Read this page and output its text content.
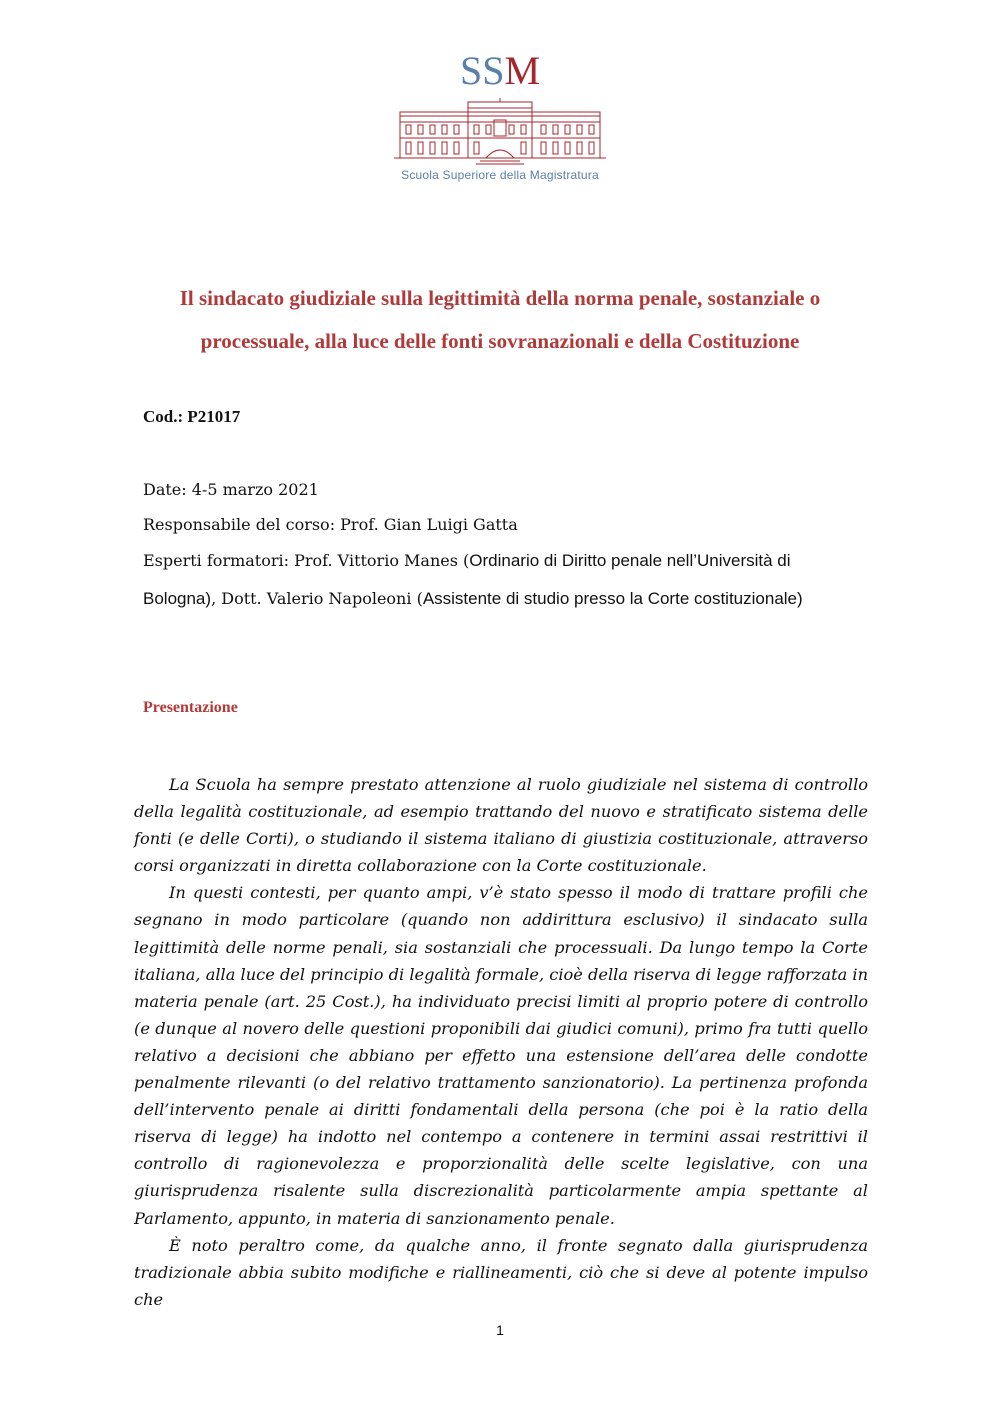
SSM
Scuola Superiore della Magistratura
Il sindacato giudiziale sulla legittimità della norma penale, sostanziale o
processuale, alla luce delle fonti sovranazionali e della Costituzione
Cod.: P21017
Date: 4-5 marzo 2021
Responsabile del corso: Prof. Gian Luigi Gatta
Esperti formatori: Prof. Vittorio Manes (Ordinario di Diritto penale nell’Università di
Bologna), Dott. Valerio Napoleoni (Assistente di studio presso la Corte costituzionale)
Presentazione

La Scuola ha sempre prestato attenzione al ruolo giudiziale nel sistema di controllo della legalità costituzionale, ad esempio trattando del nuovo e stratificato sistema delle fonti (e delle Corti), o studiando il sistema italiano di giustizia costituzionale, attraverso corsi organizzati in diretta collaborazione con la Corte costituzionale.

In questi contesti, per quanto ampi, v’è stato spesso il modo di trattare profili che segnano in modo particolare (quando non addirittura esclusivo) il sindacato sulla legittimità delle norme penali, sia sostanziali che processuali. Da lungo tempo la Corte italiana, alla luce del principio di legalità formale, cioè della riserva di legge rafforzata in materia penale (art. 25 Cost.), ha individuato precisi limiti al proprio potere di controllo (e dunque al novero delle questioni proponibili dai giudici comuni), primo fra tutti quello relativo a decisioni che abbiano per effetto una estensione dell’area delle condotte penalmente rilevanti (o del relativo trattamento sanzionatorio). La pertinenza profonda dell’intervento penale ai diritti fondamentali della persona (che poi è la ratio della riserva di legge) ha indotto nel contempo a contenere in termini assai restrittivi il controllo di ragionevolezza e proporzionalità delle scelte legislative, con una giurisprudenza risalente sulla discrezionalità particolarmente ampia spettante al Parlamento, appunto, in materia di sanzionamento penale.

È noto peraltro come, da qualche anno, il fronte segnato dalla giurisprudenza tradizionale abbia subito modifiche e riallineamenti, ciò che si deve al potente impulso che

1
